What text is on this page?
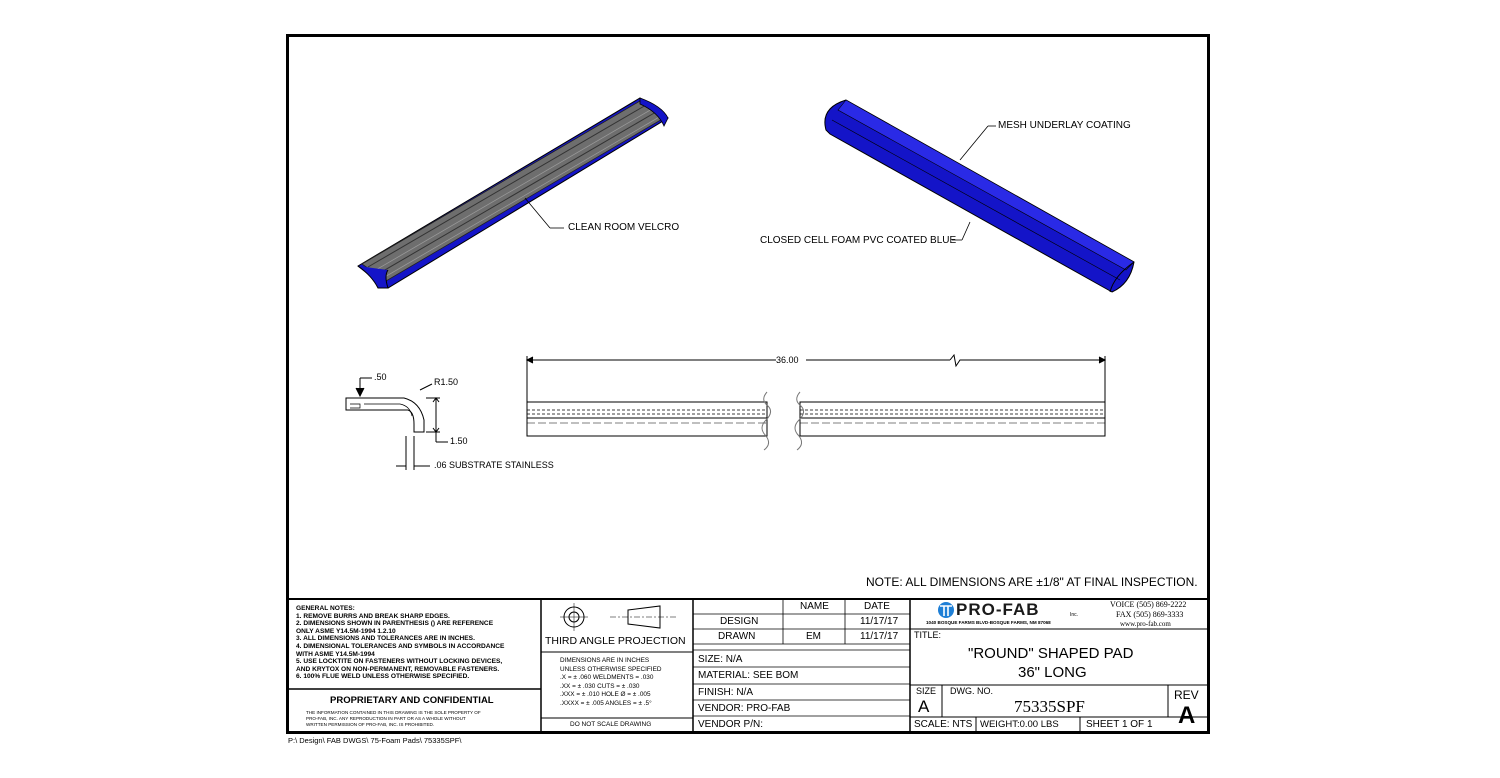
CLEAN ROOM VELCRO
MESH UNDERLAY COATING
CLOSED CELL FOAM PVC COATED BLUE
36.00
.50	R1.50
1.50
.06 SUBSTRATE STAINLESS
NOTE: ALL DIMENSIONS ARE ±1/8" AT FINAL INSPECTION.
GENERAL NOTES:
1. REMOVE BURRS AND BREAK SHARP EDGES.
2. DIMENSIONS SHOWN IN PARENTHESIS () ARE REFERENCE
ONLY ASME Y14.5M-1994 1.2.10
3. ALL DIMENSIONS AND TOLERANCES ARE IN INCHES.
4. DIMENSIONAL TOLERANCES AND SYMBOLS IN ACCORDANCE
WITH ASME Y14.5M-1994
5. USE LOCKTITE ON FASTENERS WITHOUT LOCKING DEVICES,
AND KRYTOX ON NON-PERMANENT, REMOVABLE FASTENERS.
6. 100% FLUE WELD UNLESS OTHERWISE SPECIFIED.
PROPRIETARY AND CONFIDENTIAL
THE INFORMATION CONTAINED IN THIS DRAWING IS THE SOLE PROPERTY OF
PRO-FAB, INC. ANY REPRODUCTION IN PART OR AS A WHOLE WITHOUT
WRITTEN PERMISSION OF PRO-FAB, INC. IS PROHIBITED.
THIRD ANGLE PROJECTION
DIMENSIONS ARE IN INCHES
UNLESS OTHERWISE SPECIFIED
.X = ± .060 WELDMENTS = .030
.XX = ± .030 CUTS = ± .030
.XXX = ± .010 HOLE Ø = ± .005
.XXXX = ± .005 ANGLES = ± .5°
DO NOT SCALE DRAWING
NAME	DATE
DESIGN	11/17/17
DRAWN	EM	11/17/17
SIZE: N/A
MATERIAL: SEE BOM
FINISH: N/A
VENDOR: PRO-FAB
VENDOR P/N:
PRO-FAB	Inc.
1040 BOSQUE FARMS BLVD-BOSQUE FARMS, NM 87068
VOICE (505) 869-2222
FAX (505) 869-3333
www.pro-fab.com
TITLE:
"ROUND" SHAPED PAD
36" LONG
SIZE
A
DWG. NO.
75335SPF
REV
A
SCALE: NTS WEIGHT:0.00 LBS	SHEET 1 OF 1
P:\ Design\ FAB DWGS\ 75-Foam Pads\ 75335SPF\
